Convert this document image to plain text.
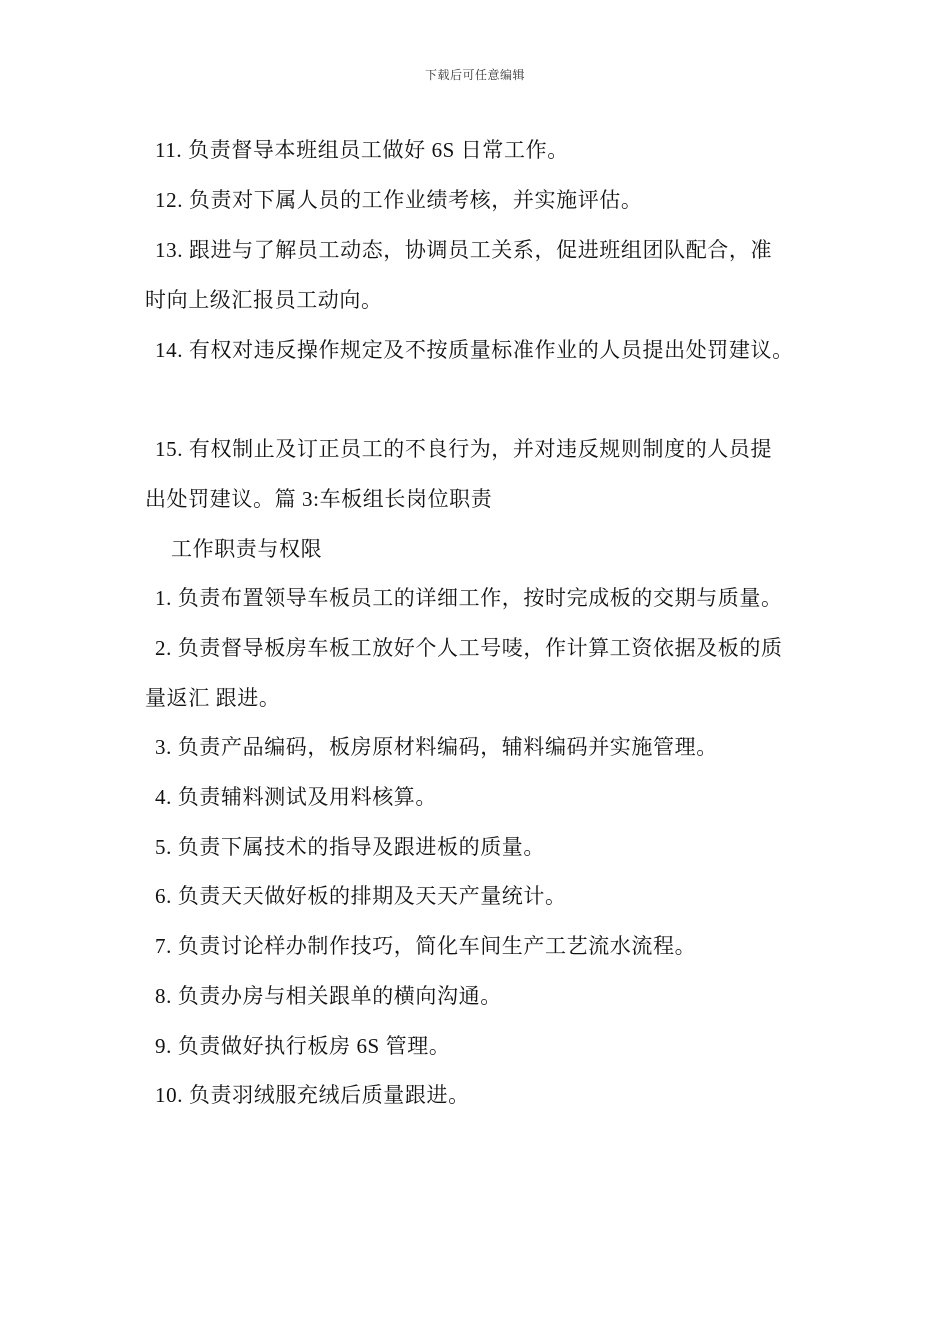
下载后可任意编辑
11. 负责督导本班组员工做好 6S 日常工作。
12. 负责对下属人员的工作业绩考核，并实施评估。
13. 跟进与了解员工动态，协调员工关系，促进班组团队配合，准
时向上级汇报员工动向。
14. 有权对违反操作规定及不按质量标准作业的人员提出处罚建议。
15. 有权制止及订正员工的不良行为，并对违反规则制度的人员提
出处罚建议。篇 3:车板组长岗位职责
工作职责与权限
1. 负责布置领导车板员工的详细工作，按时完成板的交期与质量。
2. 负责督导板房车板工放好个人工号唛，作计算工资依据及板的质
量返汇 跟进。
3. 负责产品编码，板房原材料编码，辅料编码并实施管理。
4. 负责辅料测试及用料核算。
5. 负责下属技术的指导及跟进板的质量。
6. 负责天天做好板的排期及天天产量统计。
7. 负责讨论样办制作技巧，简化车间生产工艺流水流程。
8. 负责办房与相关跟单的横向沟通。
9. 负责做好执行板房 6S 管理。
10. 负责羽绒服充绒后质量跟进。
